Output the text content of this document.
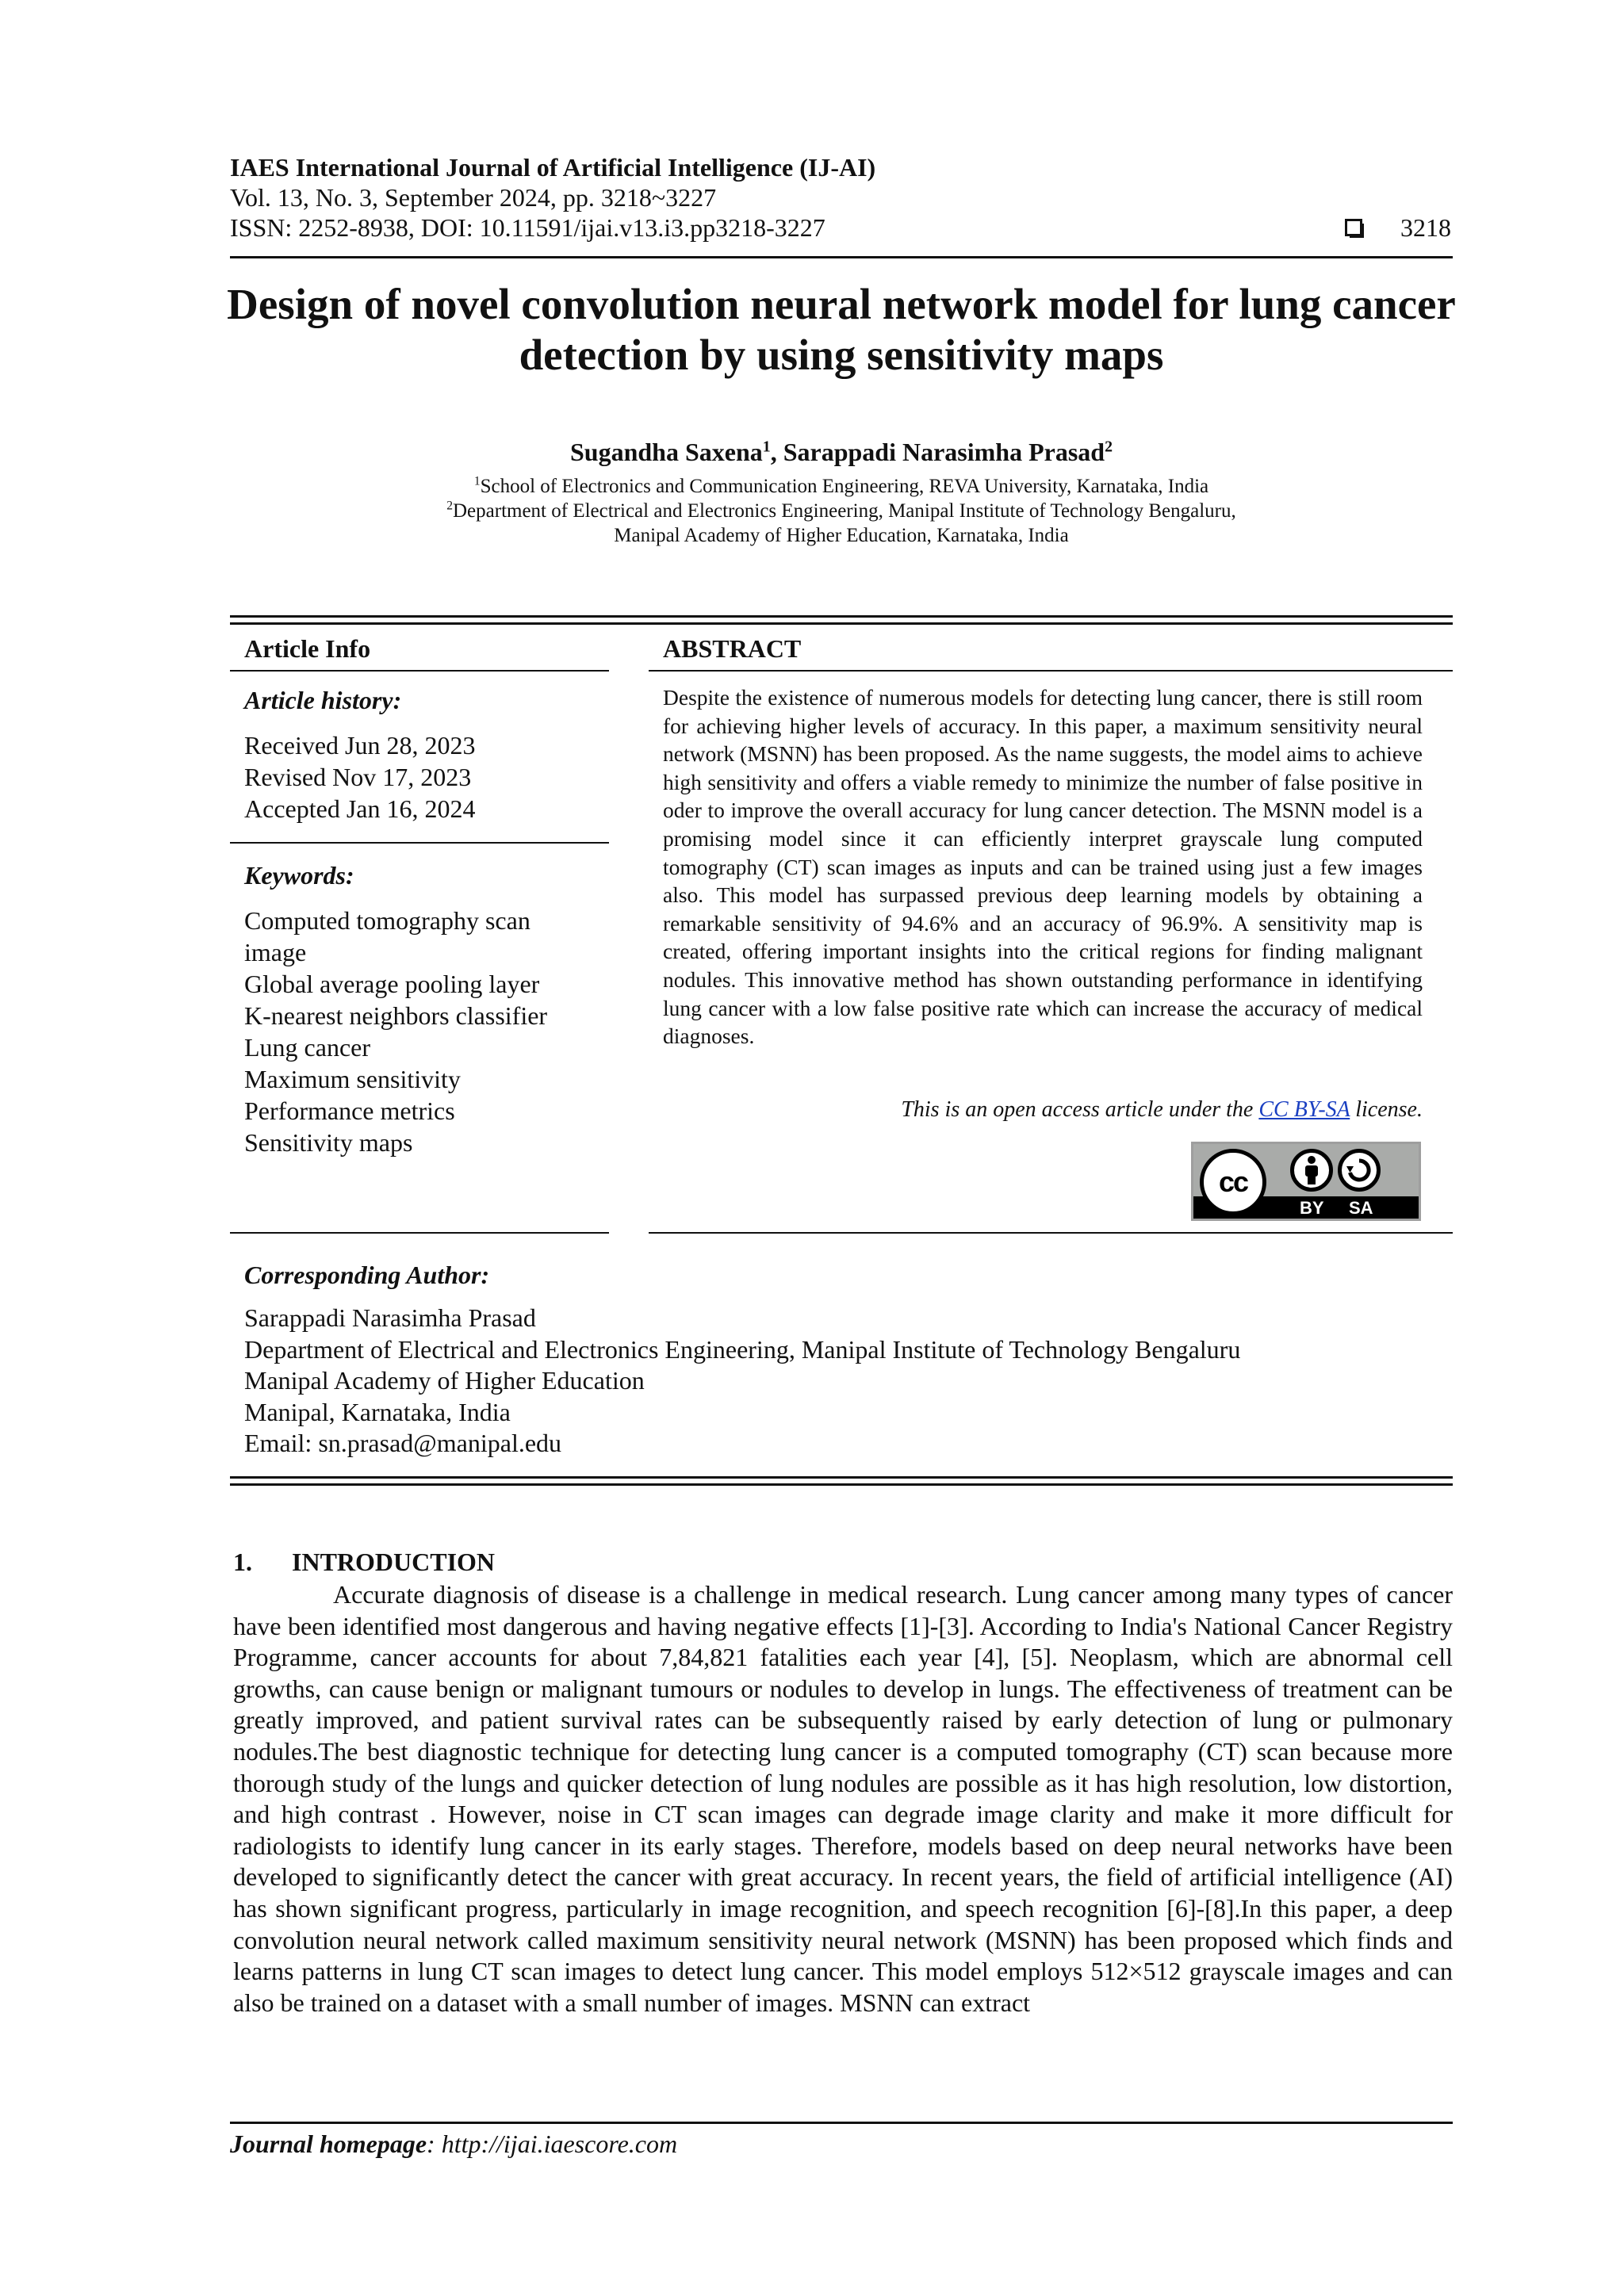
IAES International Journal of Artificial Intelligence (IJ-AI)
Vol. 13, No. 3, September 2024, pp. 3218~3227
ISSN: 2252-8938, DOI: 10.11591/ijai.v13.i3.pp3218-3227	3218
Design of novel convolution neural network model for lung cancer detection by using sensitivity maps
Sugandha Saxena$^1$, Sarappadi Narasimha Prasad$^2$
$^1$School of Electronics and Communication Engineering, REVA University, Karnataka, India
$^2$Department of Electrical and Electronics Engineering, Manipal Institute of Technology Bengaluru,
Manipal Academy of Higher Education, Karnataka, India
Article Info
Article history:
Received Jun 28, 2023
Revised Nov 17, 2023
Accepted Jan 16, 2024
Keywords:
Computed tomography scan image
Global average pooling layer
K-nearest neighbors classifier
Lung cancer
Maximum sensitivity
Performance metrics
Sensitivity maps
ABSTRACT
Despite the existence of numerous models for detecting lung cancer, there is still room for achieving higher levels of accuracy. In this paper, a maximum sensitivity neural network (MSNN) has been proposed. As the name suggests, the model aims to achieve high sensitivity and offers a viable remedy to minimize the number of false positive in oder to improve the overall accuracy for lung cancer detection. The MSNN model is a promising model since it can efficiently interpret grayscale lung computed tomography (CT) scan images as inputs and can be trained using just a few images also. This model has surpassed previous deep learning models by obtaining a remarkable sensitivity of 94.6% and an accuracy of 96.9%. A sensitivity map is created, offering important insights into the critical regions for finding malignant nodules. This innovative method has shown outstanding performance in identifying lung cancer with a low false positive rate which can increase the accuracy of medical diagnoses.
This is an open access article under the CC BY-SA license.
cc
BY SA
Corresponding Author:
Sarappadi Narasimha Prasad
Department of Electrical and Electronics Engineering, Manipal Institute of Technology Bengaluru
Manipal Academy of Higher Education
Manipal, Karnataka, India
Email: sn.prasad@manipal.edu
1. INTRODUCTION
Accurate diagnosis of disease is a challenge in medical research. Lung cancer among many types of cancer have been identified most dangerous and having negative effects [1]-[3]. According to India's National Cancer Registry Programme, cancer accounts for about 7,84,821 fatalities each year [4], [5]. Neoplasm, which are abnormal cell growths, can cause benign or malignant tumours or nodules to develop in lungs. The effectiveness of treatment can be greatly improved, and patient survival rates can be subsequently raised by early detection of lung or pulmonary nodules.The best diagnostic technique for detecting lung cancer is a computed tomography (CT) scan because more thorough study of the lungs and quicker detection of lung nodules are possible as it has high resolution, low distortion, and high contrast . However, noise in CT scan images can degrade image clarity and make it more difficult for radiologists to identify lung cancer in its early stages. Therefore, models based on deep neural networks have been developed to significantly detect the cancer with great accuracy. In recent years, the field of artificial intelligence (AI) has shown significant progress, particularly in image recognition, and speech recognition [6]-[8].In this paper, a deep convolution neural network called maximum sensitivity neural network (MSNN) has been proposed which finds and learns patterns in lung CT scan images to detect lung cancer. This model employs 512×512 grayscale images and can also be trained on a dataset with a small number of images. MSNN can extract
Journal homepage: http://ijai.iaescore.com
